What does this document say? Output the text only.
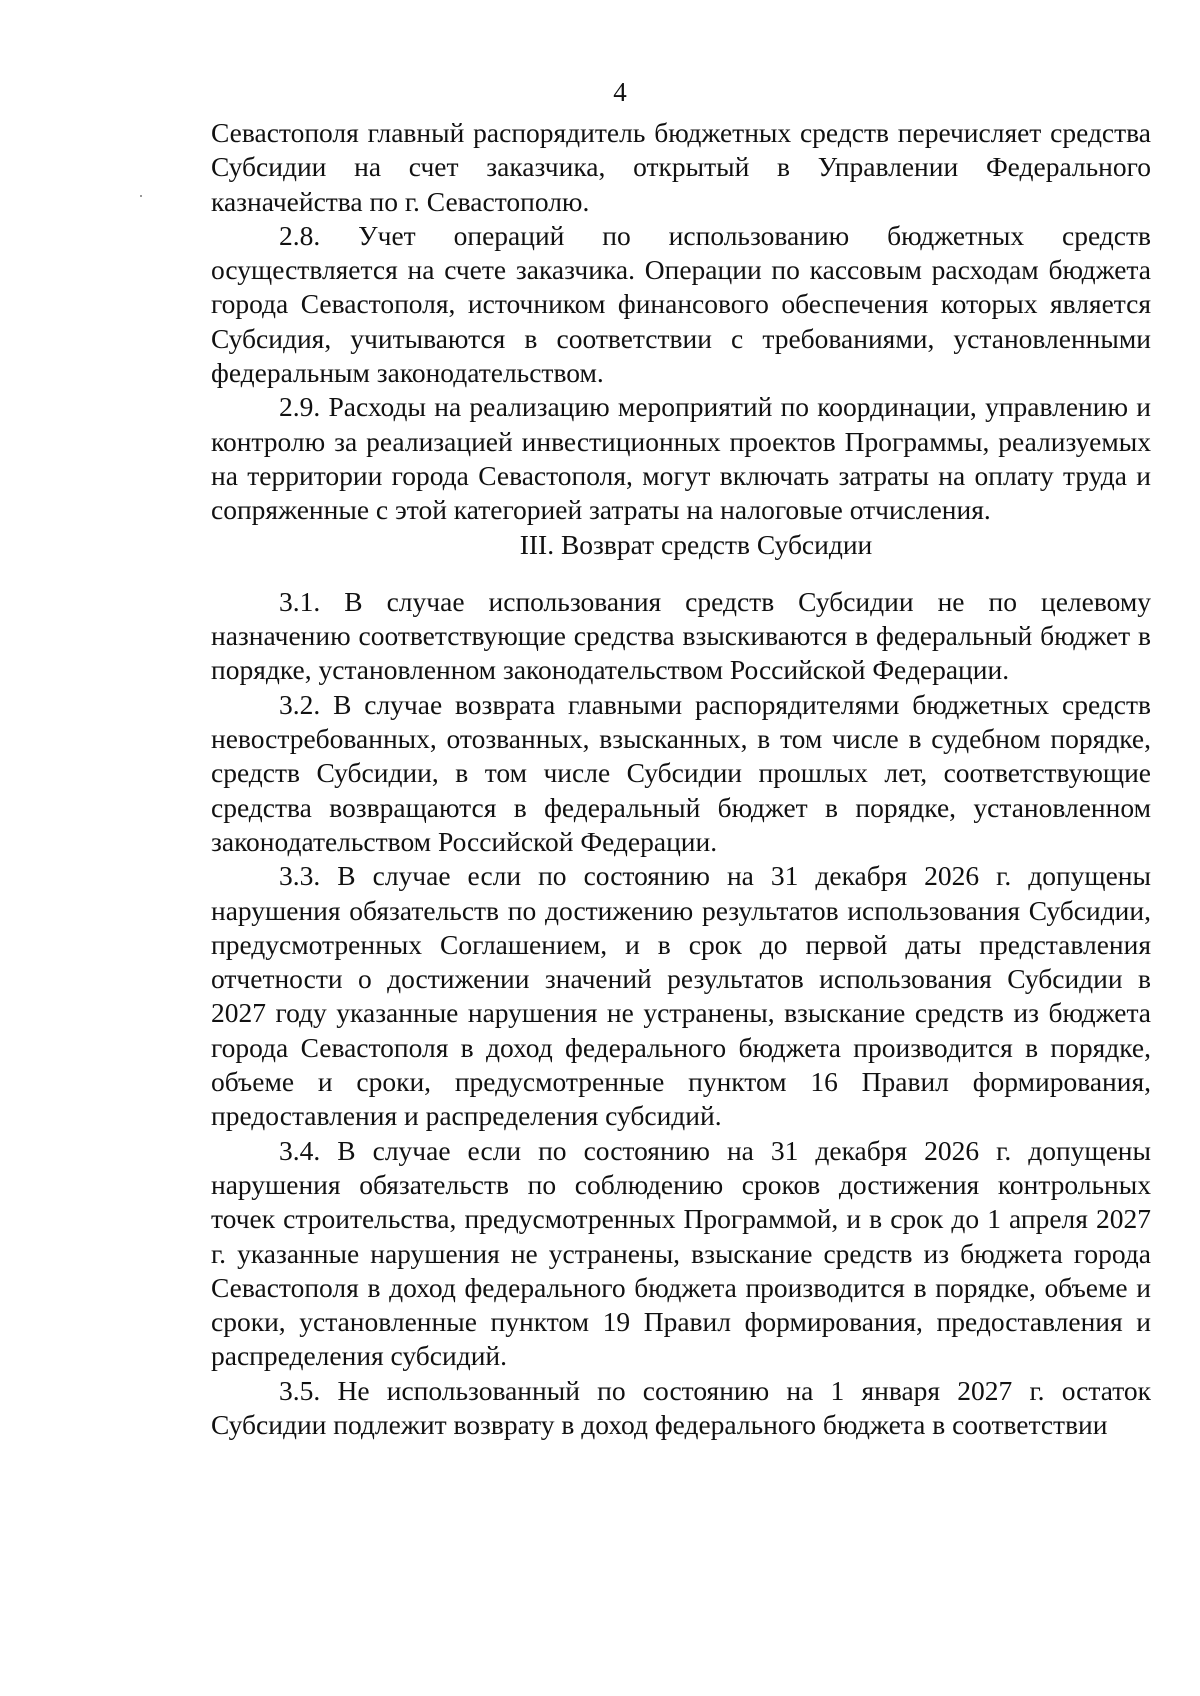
4

Севастополя главный распорядитель бюджетных средств перечисляет средства Субсидии на счет заказчика, открытый в Управлении Федерального казначейства по г. Севастополю.

2.8. Учет операций по использованию бюджетных средств осуществляется на счете заказчика. Операции по кассовым расходам бюджета города Севастополя, источником финансового обеспечения которых является Субсидия, учитываются в соответствии с требованиями, установленными федеральным законодательством.

2.9. Расходы на реализацию мероприятий по координации, управлению и контролю за реализацией инвестиционных проектов Программы, реализуемых на территории города Севастополя, могут включать затраты на оплату труда и сопряженные с этой категорией затраты на налоговые отчисления.

III. Возврат средств Субсидии

3.1. В случае использования средств Субсидии не по целевому назначению соответствующие средства взыскиваются в федеральный бюджет в порядке, установленном законодательством Российской Федерации.

3.2. В случае возврата главными распорядителями бюджетных средств невостребованных, отозванных, взысканных, в том числе в судебном порядке, средств Субсидии, в том числе Субсидии прошлых лет, соответствующие средства возвращаются в федеральный бюджет в порядке, установленном законодательством Российской Федерации.

3.3. В случае если по состоянию на 31 декабря 2026 г. допущены нарушения обязательств по достижению результатов использования Субсидии, предусмотренных Соглашением, и в срок до первой даты представления отчетности о достижении значений результатов использования Субсидии в 2027 году указанные нарушения не устранены, взыскание средств из бюджета города Севастополя в доход федерального бюджета производится в порядке, объеме и сроки, предусмотренные пунктом 16 Правил формирования, предоставления и распределения субсидий.

3.4. В случае если по состоянию на 31 декабря 2026 г. допущены нарушения обязательств по соблюдению сроков достижения контрольных точек строительства, предусмотренных Программой, и в срок до 1 апреля 2027 г. указанные нарушения не устранены, взыскание средств из бюджета города Севастополя в доход федерального бюджета производится в порядке, объеме и сроки, установленные пунктом 19 Правил формирования, предоставления и распределения субсидий.

3.5. Не использованный по состоянию на 1 января 2027 г. остаток Субсидии подлежит возврату в доход федерального бюджета в соответствии
